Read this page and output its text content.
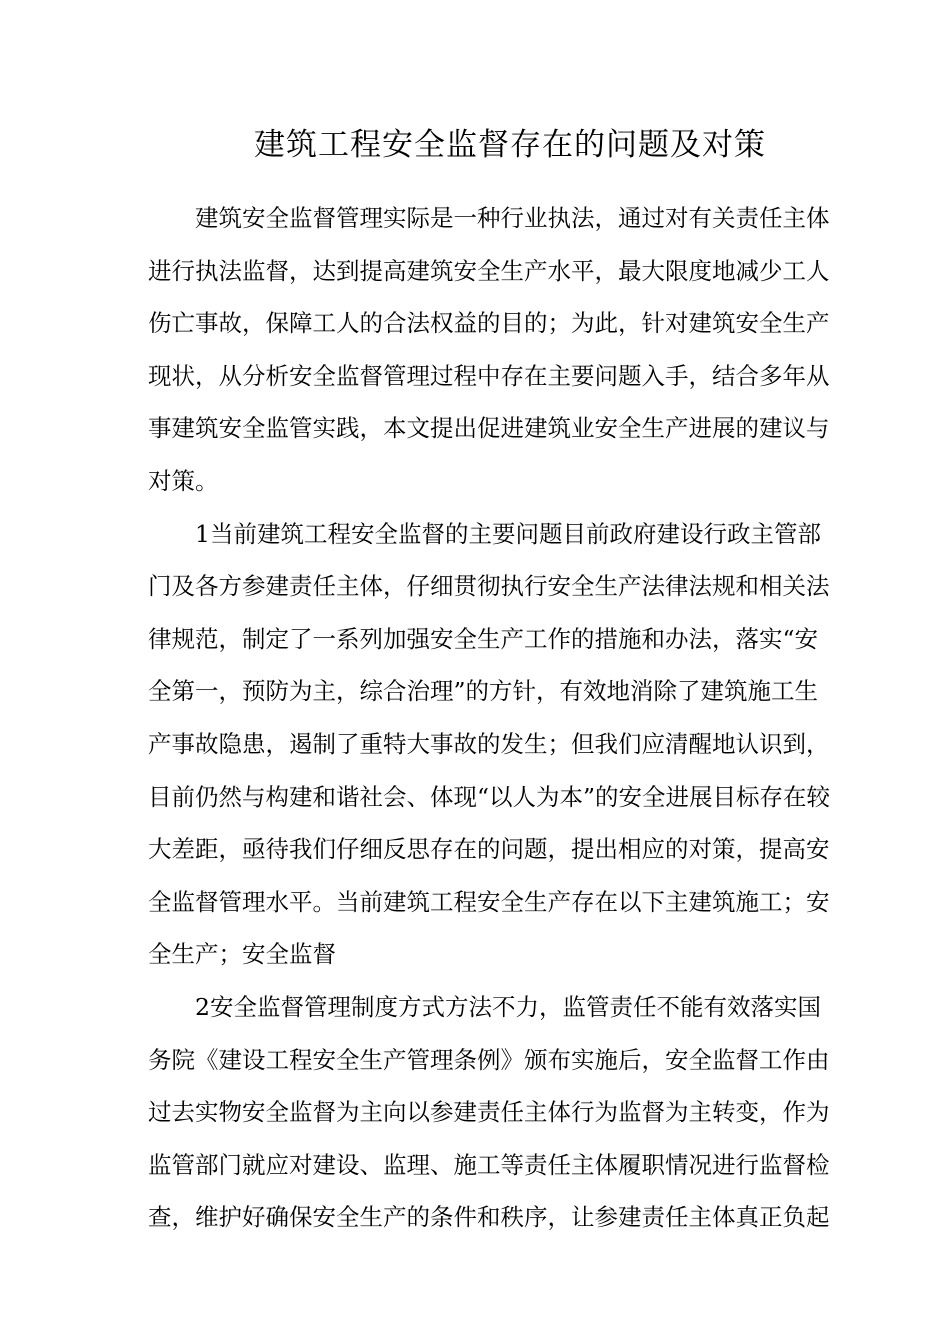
建筑工程安全监督存在的问题及对策
建筑安全监督管理实际是一种行业执法，通过对有关责任主体
进行执法监督，达到提高建筑安全生产水平，最大限度地减少工人
伤亡事故，保障工人的合法权益的目的；为此，针对建筑安全生产
现状，从分析安全监督管理过程中存在主要问题入手，结合多年从
事建筑安全监管实践，本文提出促进建筑业安全生产进展的建议与
对策。
1当前建筑工程安全监督的主要问题目前政府建设行政主管部
门及各方参建责任主体，仔细贯彻执行安全生产法律法规和相关法
律规范，制定了一系列加强安全生产工作的措施和办法，落实“安
全第一，预防为主，综合治理”的方针，有效地消除了建筑施工生
产事故隐患，遏制了重特大事故的发生；但我们应清醒地认识到，
目前仍然与构建和谐社会、体现“以人为本”的安全进展目标存在较
大差距，亟待我们仔细反思存在的问题，提出相应的对策，提高安
全监督管理水平。当前建筑工程安全生产存在以下主建筑施工；安
全生产；安全监督
2安全监督管理制度方式方法不力，监管责任不能有效落实国
务院《建设工程安全生产管理条例》颁布实施后，安全监督工作由
过去实物安全监督为主向以参建责任主体行为监督为主转变，作为
监管部门就应对建设、监理、施工等责任主体履职情况进行监督检
查，维护好确保安全生产的条件和秩序，让参建责任主体真正负起
